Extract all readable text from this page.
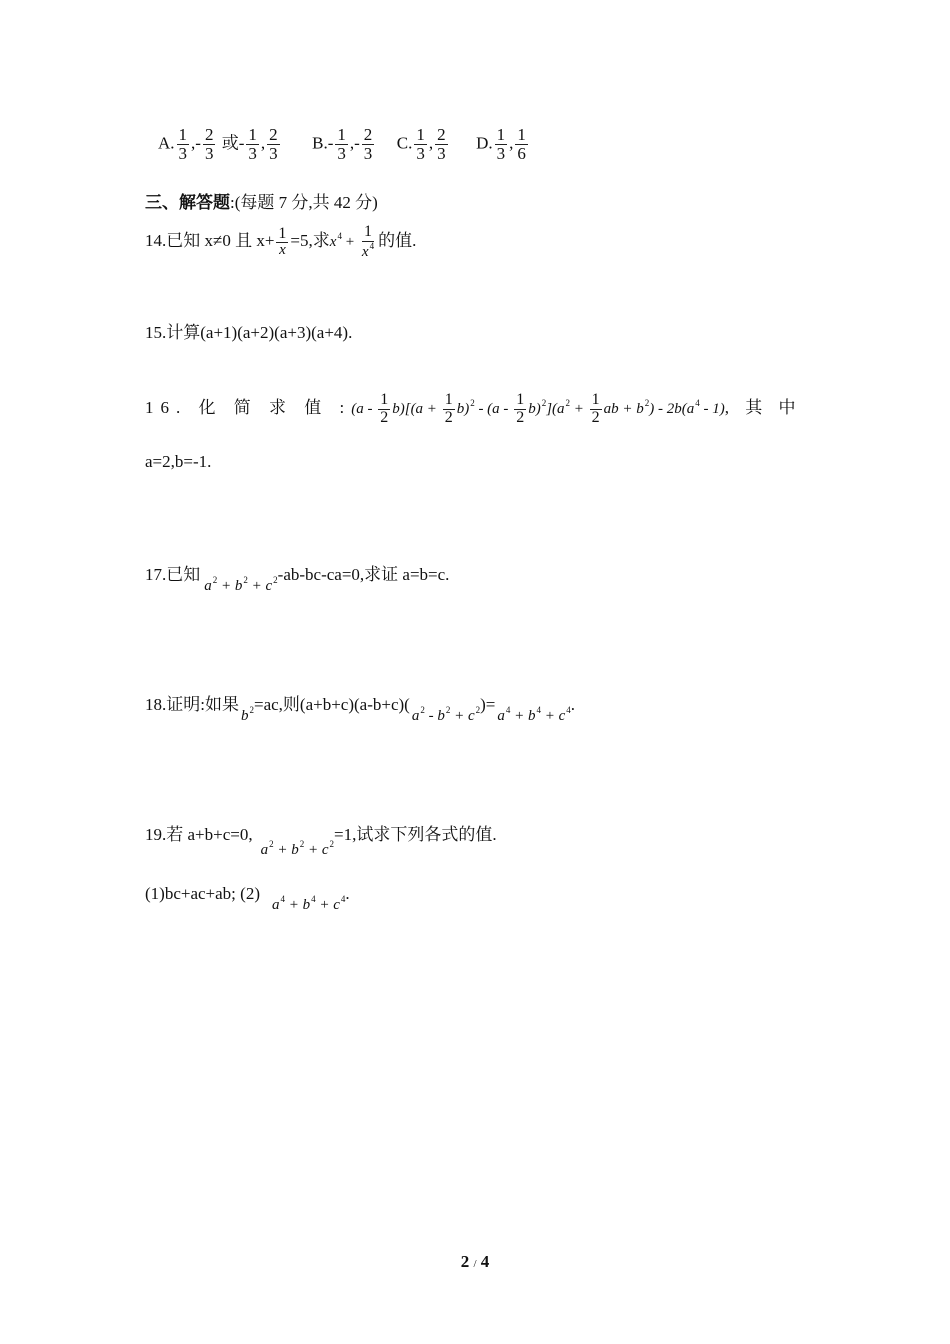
A. $\frac{1}{3}$ ,- $\frac{2}{3}$ 或- $\frac{1}{3}$ , $\frac{2}{3} B.- \frac{1}{3}$ ,- $\frac{2}{3} C$. $\frac{1}{3}$ , $\frac{2}{3} D$. $\frac{1}{3}$ , $\frac{1}{6}$
三、解答题:(每题 7 分,共 42 分)
14.已知 x≠0 且 $x+ \frac{1}{x} =5$,求$x^4 + \frac{1}{x^4}$ 的值.
15.计算(a+1)(a+2)(a+3)(a+4).
16. 化 简 求 值 :(a - $\frac{1}{2} b)[(a + \frac{1}{2} b)^2 - (a - \frac{1}{2} b)^2](a^2 + \frac{1}{2}$ ab + $b^2) - 2b(a^4 - 1)$, 其 中
a=2,b=-1.
17.已知$a^2 + b^2 + c^2-ab-bc-ca=0$,求证 a=b=c.
18.证明:如果$b^2=ac$,则$(a+b+c)(a-b+c)(a^2 - b^2 + c^2)=a^4 + b^4 + c^4$.
19.若 $a+b+c=0,a^2 + b^2 + c^2=1$,试求下列各式的值.
(1)bc+ac+ab; $(2)a^4 + b^4 + c^4$.
2 / 4
